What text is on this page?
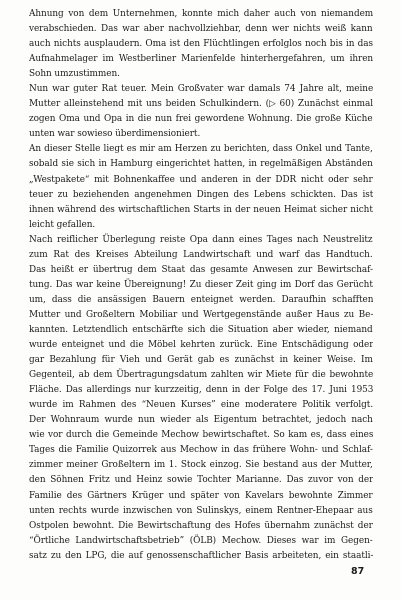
Ahnung von dem Unternehmen, konnte mich daher auch von niemandem
verabschieden. Das war aber nachvollziehbar, denn wer nichts weiß kann
auch nichts ausplaudern. Oma ist den Flüchtlingen erfolglos noch bis in das
Aufnahmelager im Westberliner Marienfelde hinterhergefahren, um ihren
Sohn umzustimmen.
Nun war guter Rat teuer. Mein Großvater war damals 74 Jahre alt, meine
Mutter alleinstehend mit uns beiden Schulkindern. (▷ 60) Zunächst einmal
zogen Oma und Opa in die nun frei gewordene Wohnung. Die große Küche
unten war sowieso überdimensioniert.
An dieser Stelle liegt es mir am Herzen zu berichten, dass Onkel und Tante,
sobald sie sich in Hamburg eingerichtet hatten, in regelmäßigen Abständen
„Westpakete“ mit Bohnenkaffee und anderen in der DDR nicht oder sehr
teuer zu beziehenden angenehmen Dingen des Lebens schickten. Das ist
ihnen während des wirtschaftlichen Starts in der neuen Heimat sicher nicht
leicht gefallen.
Nach reiflicher Überlegung reiste Opa dann eines Tages nach Neustrelitz
zum Rat des Kreises Abteilung Landwirtschaft und warf das Handtuch.
Das heißt er übertrug dem Staat das gesamte Anwesen zur Bewirtschaf-
tung. Das war keine Übereignung! Zu dieser Zeit ging im Dorf das Gerücht
um, dass die ansässigen Bauern enteignet werden. Daraufhin schafften
Mutter und Großeltern Mobiliar und Wertgegenstände außer Haus zu Be-
kannten. Letztendlich entschärfte sich die Situation aber wieder, niemand
wurde enteignet und die Möbel kehrten zurück. Eine Entschädigung oder
gar Bezahlung für Vieh und Gerät gab es zunächst in keiner Weise. Im
Gegenteil, ab dem Übertragungsdatum zahlten wir Miete für die bewohnte
Fläche. Das allerdings nur kurzzeitig, denn in der Folge des 17. Juni 1953
wurde im Rahmen des “Neuen Kurses” eine moderatere Politik verfolgt.
Der Wohnraum wurde nun wieder als Eigentum betrachtet, jedoch nach
wie vor durch die Gemeinde Mechow bewirtschaftet. So kam es, dass eines
Tages die Familie Quizorrek aus Mechow in das frühere Wohn- und Schlaf-
zimmer meiner Großeltern im 1. Stock einzog. Sie bestand aus der Mutter,
den Söhnen Fritz und Heinz sowie Tochter Marianne. Das zuvor von der
Familie des Gärtners Krüger und später von Kavelars bewohnte Zimmer
unten rechts wurde inzwischen von Sulinskys, einem Rentner-Ehepaar aus
Ostpolen bewohnt. Die Bewirtschaftung des Hofes übernahm zunächst der
“Örtliche Landwirtschaftsbetrieb” (ÖLB) Mechow. Dieses war im Gegen-
satz zu den LPG, die auf genossenschaftlicher Basis arbeiteten, ein staatli-
87
